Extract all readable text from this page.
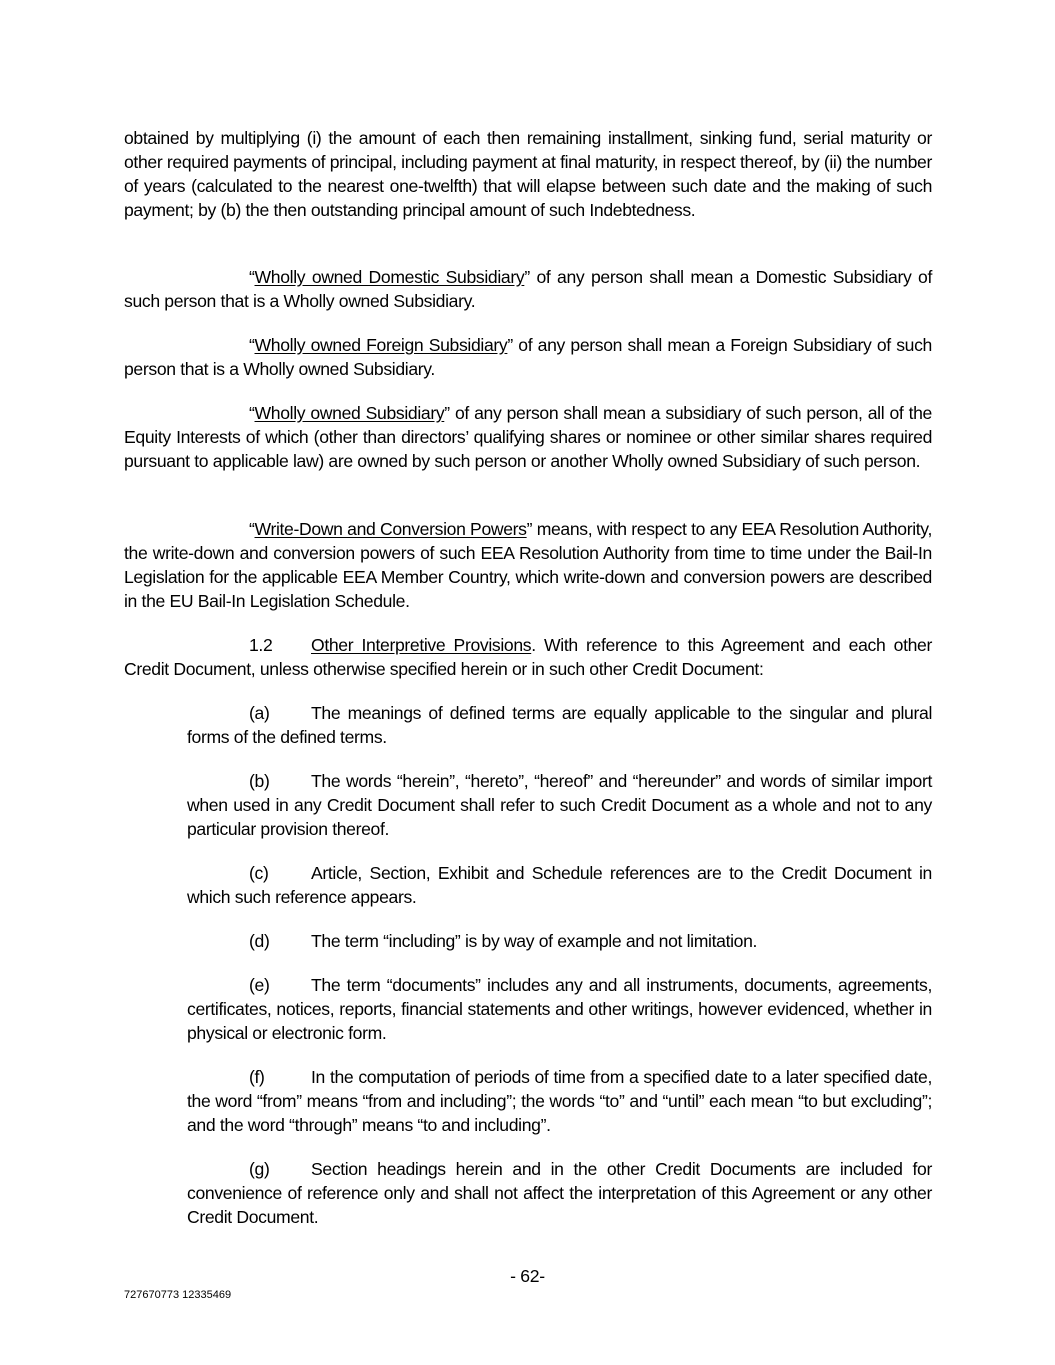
obtained by multiplying (i) the amount of each then remaining installment, sinking fund, serial maturity or other required payments of principal, including payment at final maturity, in respect thereof, by (ii) the number of years (calculated to the nearest one-twelfth) that will elapse between such date and the making of such payment; by (b) the then outstanding principal amount of such Indebtedness.

“Wholly owned Domestic Subsidiary” of any person shall mean a Domestic Subsidiary of such person that is a Wholly owned Subsidiary.

“Wholly owned Foreign Subsidiary” of any person shall mean a Foreign Subsidiary of such person that is a Wholly owned Subsidiary.

“Wholly owned Subsidiary” of any person shall mean a subsidiary of such person, all of the Equity Interests of which (other than directors’ qualifying shares or nominee or other similar shares required pursuant to applicable law) are owned by such person or another Wholly owned Subsidiary of such person.

“Write-Down and Conversion Powers” means, with respect to any EEA Resolution Authority, the write-down and conversion powers of such EEA Resolution Authority from time to time under the Bail-In Legislation for the applicable EEA Member Country, which write-down and conversion powers are described in the EU Bail-In Legislation Schedule.

1.2 Other Interpretive Provisions. With reference to this Agreement and each other Credit Document, unless otherwise specified herein or in such other Credit Document:

(a) The meanings of defined terms are equally applicable to the singular and plural forms of the defined terms.

(b) The words “herein”, “hereto”, “hereof” and “hereunder” and words of similar import when used in any Credit Document shall refer to such Credit Document as a whole and not to any particular provision thereof.

(c) Article, Section, Exhibit and Schedule references are to the Credit Document in which such reference appears.

(d) The term “including” is by way of example and not limitation.

(e) The term “documents” includes any and all instruments, documents, agreements, certificates, notices, reports, financial statements and other writings, however evidenced, whether in physical or electronic form.

(f)	In the computation of periods of time from a specified date to a later specified date, the word “from” means “from and including”; the words “to” and “until” each mean “to but excluding”; and the word “through” means “to and including”.

(g) Section headings herein and in the other Credit Documents are included for convenience of reference only and shall not affect the interpretation of this Agreement or any other Credit Document.

- 62-
727670773 12335469
